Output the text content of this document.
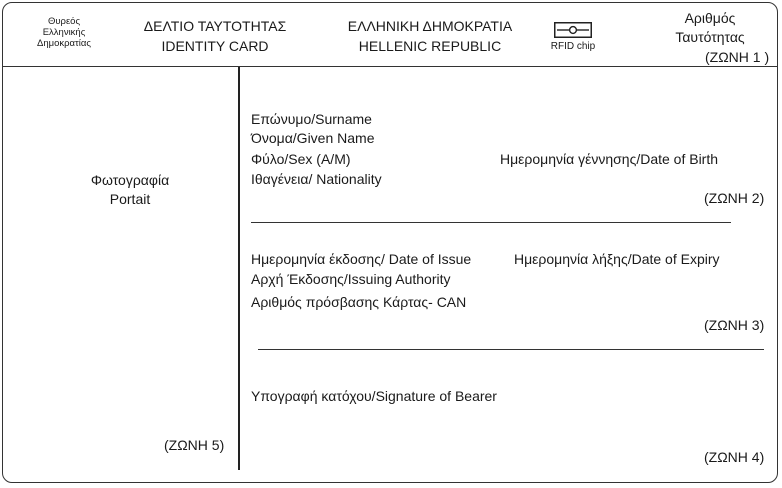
Θυρεός
Ελληνικής
Δημοκρατίας
ΔΕΛΤΙΟ ΤΑΥΤΟΤΗΤΑΣ
IDENTITY CARD
ΕΛΛΗΝΙΚΗ ΔΗΜΟΚΡΑΤΙΑ
HELLENIC REPUBLIC	RFID chip
Αριθμός
Ταυτότητας
(ΖΩΝΗ 1 )
Φωτογραφία
Portait
(ΖΩΝΗ 5)
Επώνυμο/Surname
Όνομα/Given Name
Φύλο/Sex (A/M)	Ημερομηνία γέννησης/Date of Birth
Ιθαγένεια/ Nationality
(ΖΩΝΗ 2)
Ημερομηνία έκδοσης/ Date of Issue	Ημερομηνία λήξης/Date of Expiry
Αρχή Έκδοσης/Issuing Authority
Αριθμός πρόσβασης Κάρτας- CAN
(ΖΩΝΗ 3)
Υπογραφή κατόχου/Signature of Bearer
(ΖΩΝΗ 4)
